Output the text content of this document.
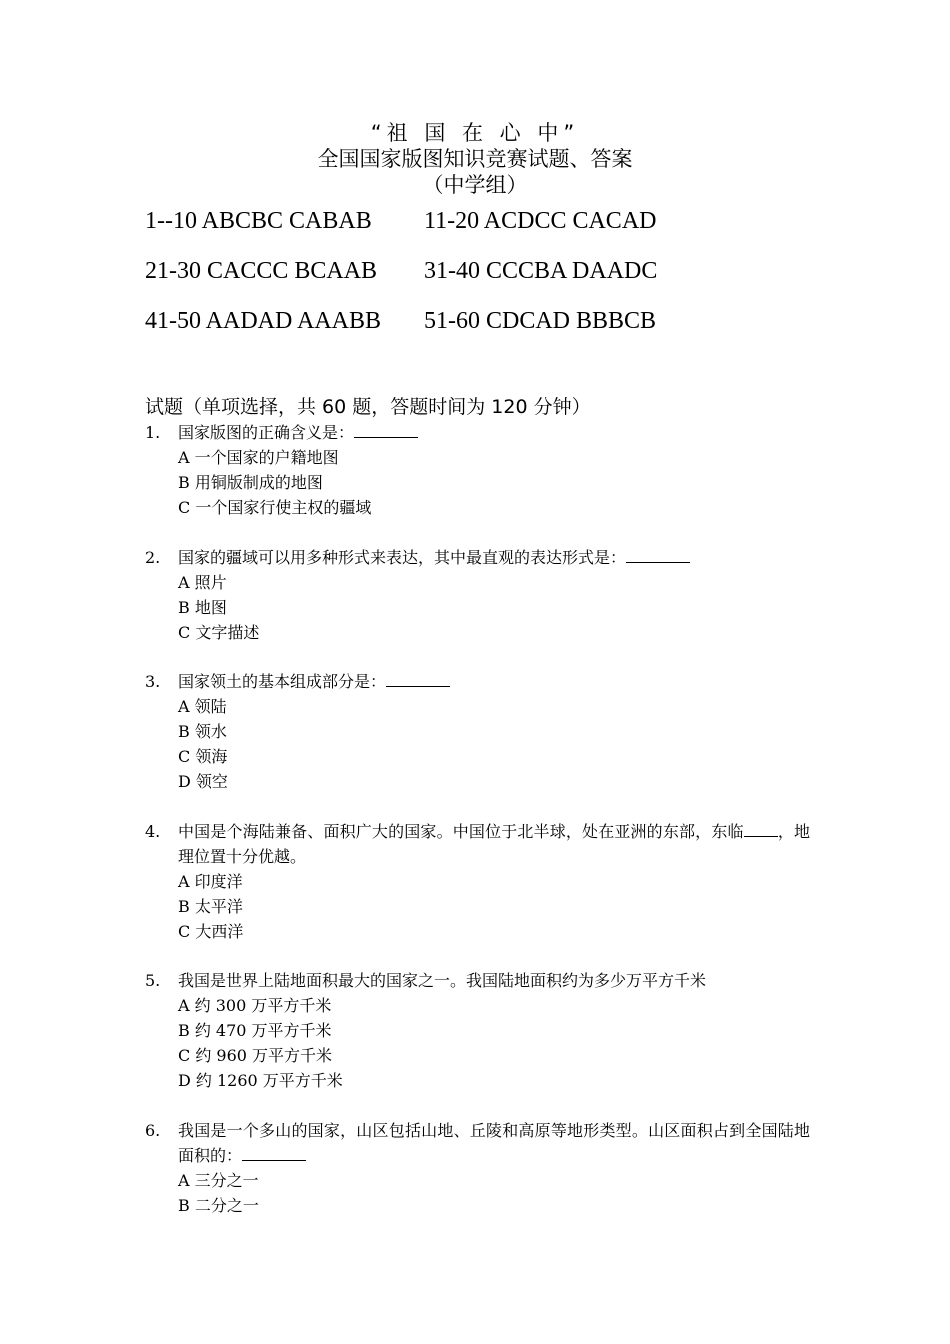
“祖 国 在 心 中”
全国国家版图知识竞赛试题、答案
（中学组）
1--10 ABCBC CABAB 11-20 ACDCC CACAD
21-30 CACCC BCAAB 31-40 CCCBA DAADC
41-50 AADAD AAABB 51-60 CDCAD BBBCB
试题（单项选择，共 60 题，答题时间为 120 分钟）
1.	国家版图的正确含义是：
A 一个国家的户籍地图
B 用铜版制成的地图
C 一个国家行使主权的疆域
2.	国家的疆域可以用多种形式来表达，其中最直观的表达形式是：
A 照片
B 地图
C 文字描述
3.	国家领土的基本组成部分是：
A 领陆
B 领水
C 领海
D 领空
4.	中国是个海陆兼备、面积广大的国家。中国位于北半球，处在亚洲的东部，东临 ，地理位置十分优越。
A 印度洋
B 太平洋
C 大西洋
5.	我国是世界上陆地面积最大的国家之一。我国陆地面积约为多少万平方千米
A 约 300 万平方千米
B 约 470 万平方千米
C 约 960 万平方千米
D 约 1260 万平方千米
6.	我国是一个多山的国家，山区包括山地、丘陵和高原等地形类型。山区面积占到全国陆地面积的：
A 三分之一
B 二分之一
